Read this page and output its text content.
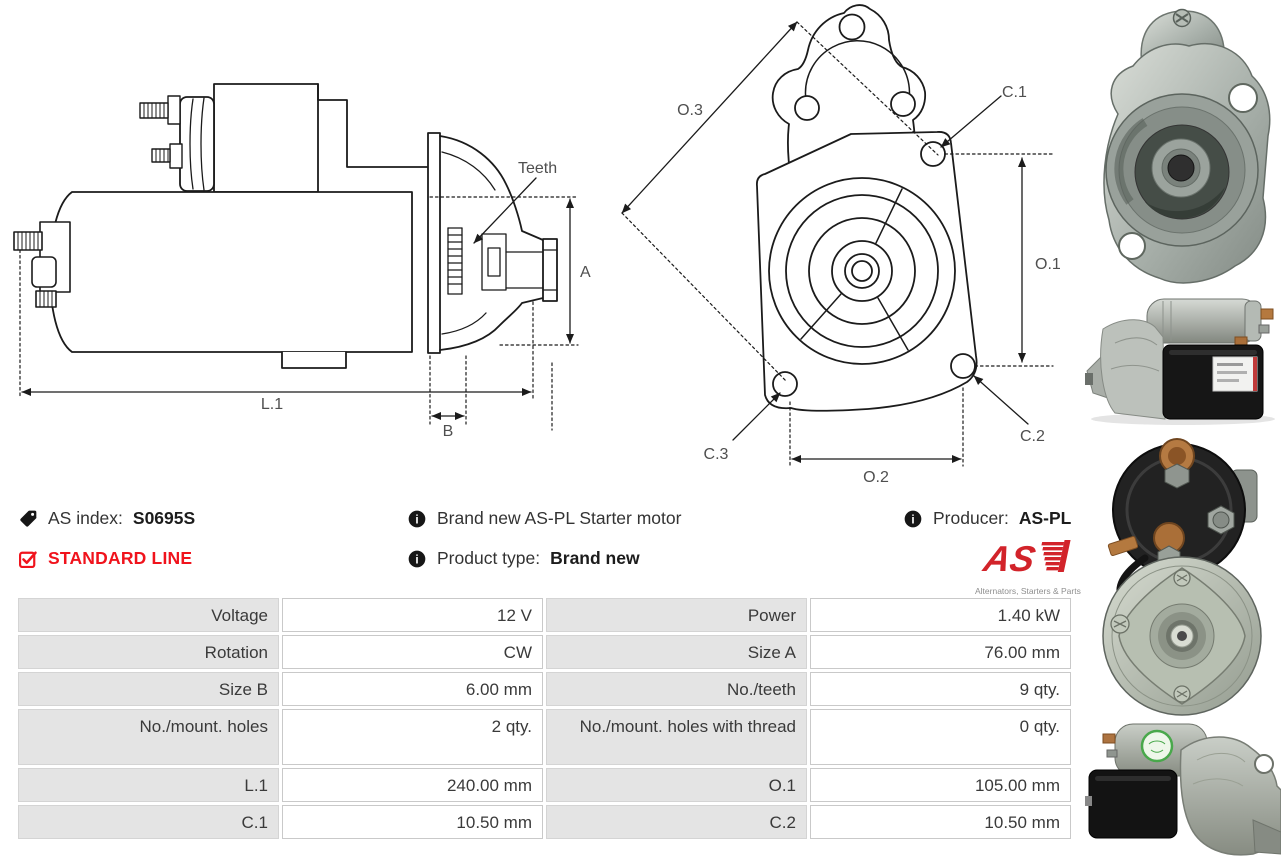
Teeth
A
L.1
B
O.3
C.1
O.1
C.2
C.3
O.2
AS index: S0695S
STANDARD LINE
i Brand new AS-PL Starter motor
i Product type: Brand new
i Producer: AS-PL
AS
Alternators, Starters & Parts
Voltage	12 V	Power	1.40 kW
Rotation	CW	Size A	76.00 mm
Size B	6.00 mm	No./teeth	9 qty.
No./mount. holes	2 qty.	No./mount. holes with thread	0 qty.
L.1	240.00 mm	O.1	105.00 mm
C.1	10.50 mm	C.2	10.50 mm
